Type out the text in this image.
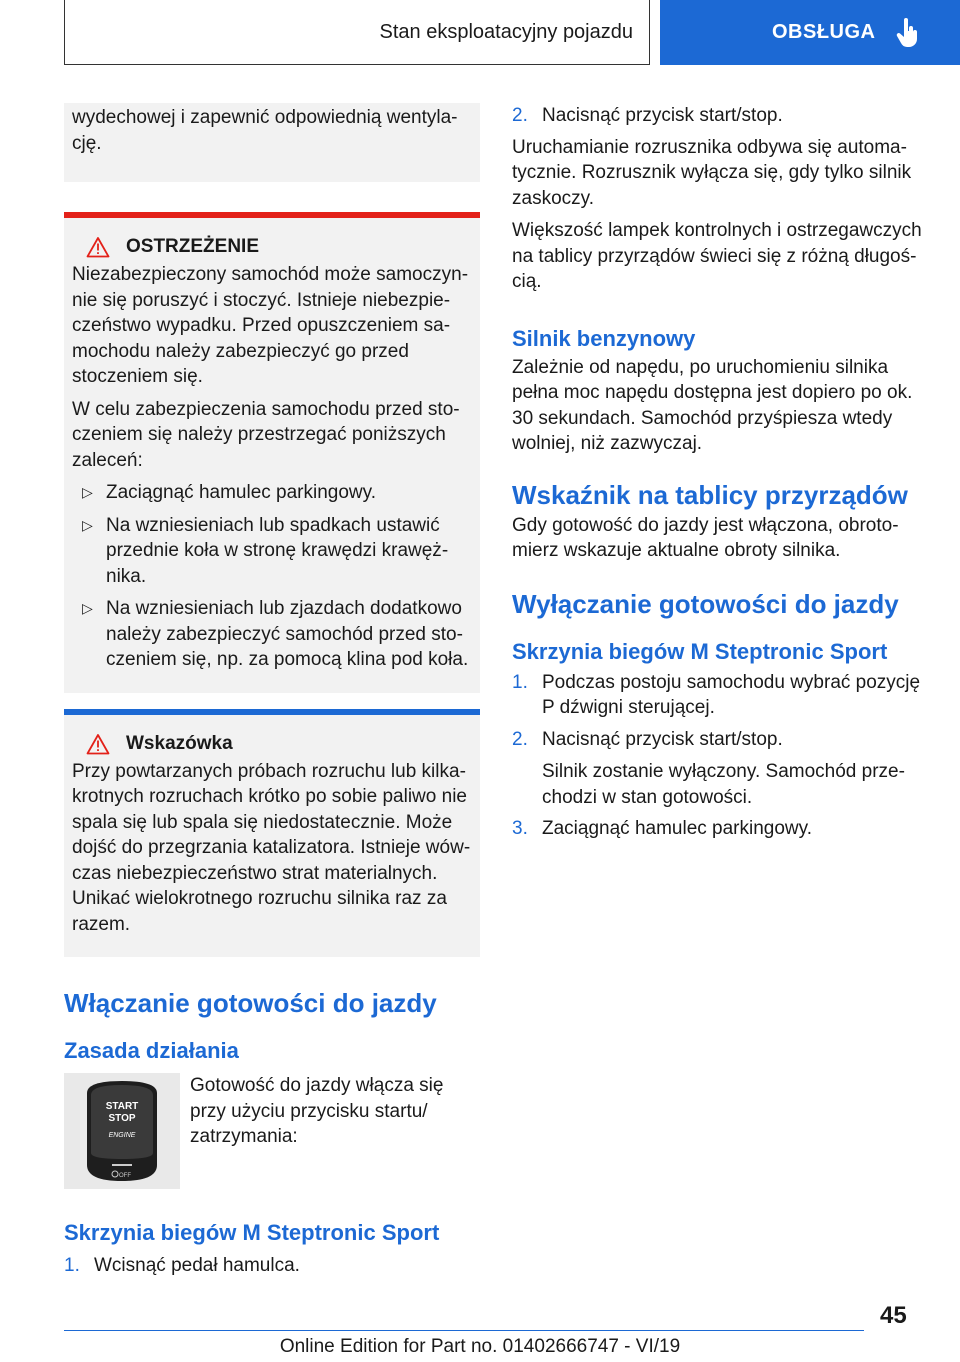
Stan eksploatacyjny pojazdu	OBSŁUGA
wydechowej i zapewnić odpowiednią wentylację.
OSTRZEŻENIE
Niezabezpieczony samochód może samoczynnie się poruszyć i stoczyć. Istnieje niebezpieczeństwo wypadku. Przed opuszczeniem samochodu należy zabezpieczyć go przed stoczeniem się.
W celu zabezpieczenia samochodu przed stoczeniem się należy przestrzegać poniższych zaleceń:
▷ Zaciągnąć hamulec parkingowy.
▷ Na wzniesieniach lub spadkach ustawić przednie koła w stronę krawędzi krawężnika.
▷ Na wzniesieniach lub zjazdach dodatkowo należy zabezpieczyć samochód przed stoczeniem się, np. za pomocą klina pod koła.
Wskazówka
Przy powtarzanych próbach rozruchu lub kilkakrotnych rozruchach krótko po sobie paliwo nie spala się lub spala się niedostatecznie. Może dojść do przegrzania katalizatora. Istnieje wówczas niebezpieczeństwo strat materialnych. Unikać wielokrotnego rozruchu silnika raz za razem.
Włączanie gotowości do jazdy
Zasada działania
START
STOP
ENGINE
OFF
Gotowość do jazdy włącza się przy użyciu przycisku startu/ zatrzymania:
Skrzynia biegów M Steptronic Sport
1. Wcisnąć pedał hamulca.
2. Nacisnąć przycisk start/stop.
Uruchamianie rozrusznika odbywa się automatycznie. Rozrusznik wyłącza się, gdy tylko silnik zaskoczy.
Większość lampek kontrolnych i ostrzegawczych na tablicy przyrządów świeci się z różną długością.
Silnik benzynowy
Zależnie od napędu, po uruchomieniu silnika pełna moc napędu dostępna jest dopiero po ok. 30 sekundach. Samochód przyśpiesza wtedy wolniej, niż zazwyczaj.
Wskaźnik na tablicy przyrządów
Gdy gotowość do jazdy jest włączona, obrotomierz wskazuje aktualne obroty silnika.
Wyłączanie gotowości do jazdy
Skrzynia biegów M Steptronic Sport
1. Podczas postoju samochodu wybrać pozycję P dźwigni sterującej.
2. Nacisnąć przycisk start/stop.
Silnik zostanie wyłączony. Samochód przechodzi w stan gotowości.
3. Zaciągnąć hamulec parkingowy.
45
Online Edition for Part no. 01402666747 - VI/19
